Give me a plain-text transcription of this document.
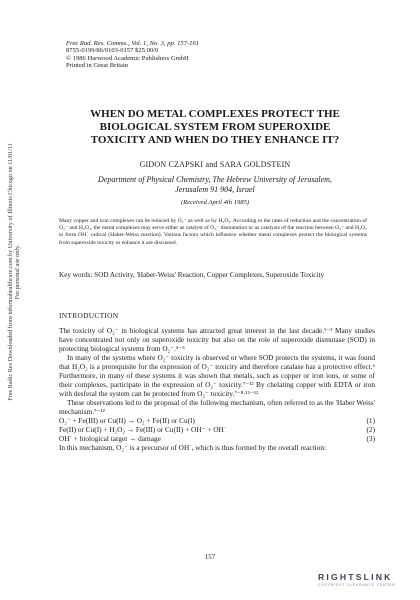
Free Radic Res Downloaded from informahealthcare.com by University of Illinois Chicago on 11/01/11 For personal use only.
Free Rad. Res. Comms., Vol. 1, No. 3, pp. 157-161
8755-0199/86/0103-0157 $25.00/0
© 1986 Harwood Academic Publishers GmbH
Printed in Great Britain
WHEN DO METAL COMPLEXES PROTECT THE
BIOLOGICAL SYSTEM FROM SUPEROXIDE
TOXICITY AND WHEN DO THEY ENHANCE IT?
GIDON CZAPSKI and SARA GOLDSTEIN
Department of Physical Chemistry, The Hebrew University of Jerusalem,
Jerusalem 91 904, Israel
(Received April 4th 1985)
Many copper and iron complexes can be reduced by O₂⁻ as well as by H₂O₂. According to the rates of reduction and the concentration of O₂⁻ and H₂O₂, the metal complexes may serve either as catalyst of O₂⁻ dismutation or as catalysts of the reaction between O₂⁻ and H₂O₂ to form OH˙ radical (Haber-Weiss reaction). Various factors which influence whether metal complexes protect the biological systems from superoxide toxicity or enhance it are discussed.
Key words: SOD Activity, 'Haber-Weiss' Reaction, Copper Complexes, Superoxide Toxicity
INTRODUCTION

The toxicity of O₂⁻ in biological systems has attracted great interest in the last decade.¹⁻³ Many studies have concentrated not only on superoxide toxicity but also on the role of superoxide dismutase (SOD) in protecting biological systems from O₂⁻.⁴⁻⁵

In many of the systems where O₂⁻ toxicity is observed or where SOD protects the systems, it was found that H₂O₂ is a prerequisite for the expression of O₂⁻ toxicity and therefore catalase has a protective effect.⁶ Furthermore, in many of these systems it was shown that metals, such as copper or iron ions, or some of their complexes, participate in the expression of O₂⁻ toxicity.⁷⁻¹² By chelating copper with EDTA or iron with desferal the system can be protected from O₂⁻ toxicity.⁷⁻⁸·¹¹⁻¹²

These observations led to the proposal of the following mechanism, often referred to as the 'Haber Weiss' mechanism.⁷⁻¹²

O₂⁻ + Fe(III) or Cu(II) → O₂ + Fe(II) or Cu(I)	(1)
Fe(II) or Cu(I) + H₂O₂ → Fe(III) or Cu(II) + OH⁻ + OH˙	(2)
OH˙ + biological target → damage	(3)

In this mechanism, O₂⁻ is a precursor of OH˙, which is thus formed by the overall reaction:

157
RIGHTSLINK
COPYRIGHT CLEARANCE CENTER
